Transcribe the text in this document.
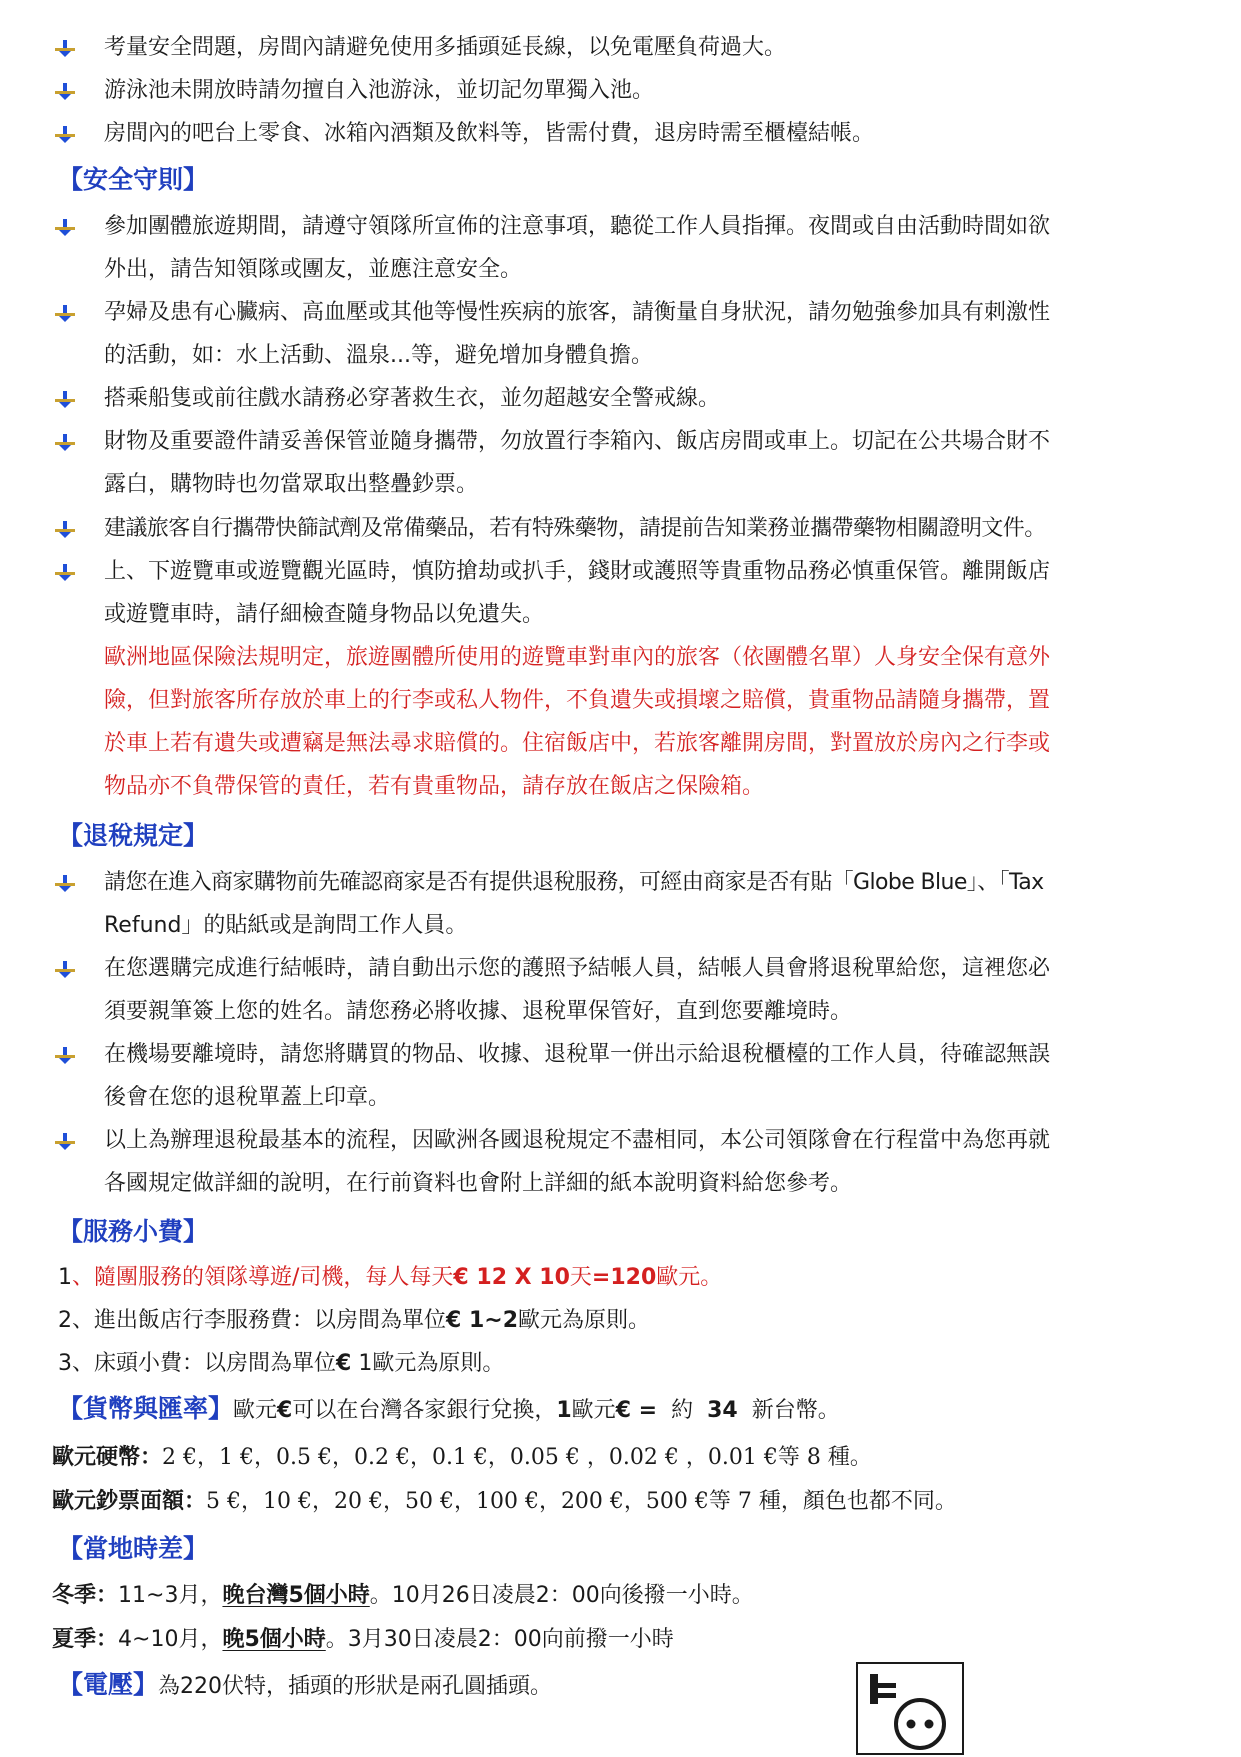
考量安全問題，房間內請避免使用多插頭延長線，以免電壓負荷過大。
游泳池未開放時請勿擅自入池游泳，並切記勿單獨入池。
房間內的吧台上零食、冰箱內酒類及飲料等，皆需付費，退房時需至櫃檯結帳。
【安全守則】
參加團體旅遊期間，請遵守領隊所宣佈的注意事項，聽從工作人員指揮。夜間或自由活動時間如欲
外出，請告知領隊或團友，並應注意安全。
孕婦及患有心臟病、高血壓或其他等慢性疾病的旅客，請衡量自身狀況，請勿勉強參加具有刺激性
的活動，如：水上活動、溫泉...等，避免增加身體負擔。
搭乘船隻或前往戲水請務必穿著救生衣，並勿超越安全警戒線。
財物及重要證件請妥善保管並隨身攜帶，勿放置行李箱內、飯店房間或車上。切記在公共場合財不
露白，購物時也勿當眾取出整疊鈔票。
建議旅客自行攜帶快篩試劑及常備藥品，若有特殊藥物，請提前告知業務並攜帶藥物相關證明文件。
上、下遊覽車或遊覽觀光區時，慎防搶劫或扒手，錢財或護照等貴重物品務必慎重保管。離開飯店
或遊覽車時，請仔細檢查隨身物品以免遺失。
歐洲地區保險法規明定，旅遊團體所使用的遊覽車對車內的旅客（依團體名單）人身安全保有意外
險，但對旅客所存放於車上的行李或私人物件，不負遺失或損壞之賠償，貴重物品請隨身攜帶，置
於車上若有遺失或遭竊是無法尋求賠償的。住宿飯店中，若旅客離開房間，對置放於房內之行李或
物品亦不負帶保管的責任，若有貴重物品，請存放在飯店之保險箱。
【退稅規定】
請您在進入商家購物前先確認商家是否有提供退稅服務，可經由商家是否有貼「Globe Blue」、「Tax
Refund」的貼紙或是詢問工作人員。
在您選購完成進行結帳時，請自動出示您的護照予結帳人員，結帳人員會將退稅單給您，這裡您必
須要親筆簽上您的姓名。請您務必將收據、退稅單保管好，直到您要離境時。
在機場要離境時，請您將購買的物品、收據、退稅單一併出示給退稅櫃檯的工作人員，待確認無誤
後會在您的退稅單蓋上印章。
以上為辦理退稅最基本的流程，因歐洲各國退稅規定不盡相同，本公司領隊會在行程當中為您再就
各國規定做詳細的說明，在行前資料也會附上詳細的紙本說明資料給您參考。
【服務小費】
1、隨團服務的領隊導遊/司機，每人每天€ 12 X 10天=120歐元。
2、進出飯店行李服務費：以房間為單位€ 1~2歐元為原則。
3、床頭小費：以房間為單位€ 1歐元為原則。
【貨幣與匯率】歐元€可以在台灣各家銀行兌換，1歐元€ =  約  34  新台幣。
歐元硬幣：2 €，1 €，0.5 €，0.2 €，0.1 €，0.05 € ，0.02 € ，0.01 €等 8 種。
歐元鈔票面額：5 €，10 €，20 €，50 €，100 €，200 €，500 €等 7 種，顏色也都不同。
【當地時差】
冬季：11~3月，晚台灣5個小時。10月26日凌晨2：00向後撥一小時。
夏季：4~10月，晚5個小時。3月30日凌晨2：00向前撥一小時
【電壓】為220伏特，插頭的形狀是兩孔圓插頭。
